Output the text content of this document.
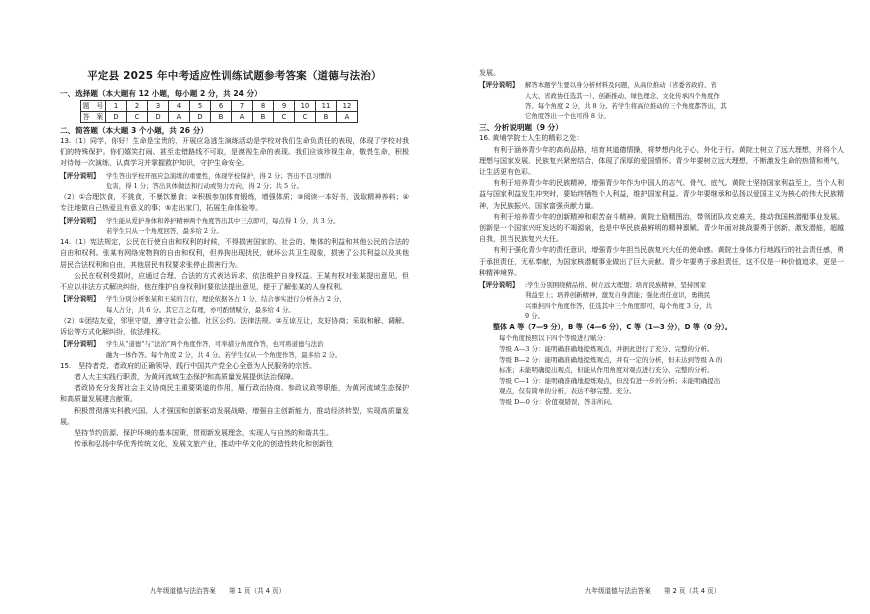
平定县 2025 年中考适应性训练试题参考答案（道德与法治）
一、选择题（本大题有 12 小题，每小题 2 分，共 24 分）
题　号	1	2	3	4	5	6	7	8	9	10	11	12
答　案	D	C	D	A	D	B	A	B	C	C	B	A
二、简答题（本大题 3 个小题，共 26 分）

13.（1）同学，你好！生命是宝贵的，开展应急逃生演练活动是学校对我们生命负责任的表现，体现了学校对我们的特殊保护。你们嬉笑打闹、甚至走错路线不可取，是漠视生命的表现。我们应该珍视生命，敬畏生命，积极对待每一次演练，认真学习并掌握救护知识，守护生命安全。

【评分说明】 学生答出学校开展应急演练的重要性，体现学校保护，得 2 分；答出不良习惯的
危害，得 1 分；答出具体做法和行动或努力方向，得 2 分；共 5 分。

（2）①合理饮食，不挑食，不暴饮暴食；②积极参加体育锻炼，增强体质；③阅读一本好书，汲取精神养料；④专注地做自己热爱且有意义的事；⑤走出家门，拓展生命体验等。

【评分说明】 学生能从爱护身体和养护精神两个角度答出其中三点即可，每点得 1 分，共 3 分。
若学生只从一个角度回答，最多给 2 分。

14.（1）宪法规定，公民在行使自由和权利的时候，不得损害国家的、社会的、集体的利益和其他公民的合法的自由和权利。张某有网络宠物狗的自由和权利，但养狗出现扰民，就坏公共卫生现象，损害了公共利益以及其他居民合法权利和自由，其他居民有权要求张停止损害行为。

公民在权利受损时，应通过合理、合法的方式表达诉求，依法维护自身权益。王某有权对张某提出意见，但不应以非法方式解决纠纷，他在维护自身权利时要依法提出意见，便于了解张某的人身权利。

【评分说明】 学生分别分析张某和王某的言行，理论依据各占 1 分，结合事实进行分析各占 2 分，
每人占分，共 6 分。其它言之有理，亦可酌情赋分，最多给 4 分。

（2）①团结友爱，邻里守望，遵守社会公德、社区公约、法律法规。②互谅互让，友好协商；采取和解、调解、诉讼等方式化解纠纷，依法维权。

【评分说明】 学生从“道德”与“法治”两个角度作答，可举措分角度作答，也可将道德与法治
融为一体作答。每个角度 2 分，共 4 分。若学生仅从一个角度作答，最多给 2 分。

15.　坚持者党、者政府的正确领导，践行中国共产党全心全意为人民服务的宗旨。

者人大主实践行职责，为黄河流域生态保护和高质量发展提供法治保障。

者政协充分发挥社会主义协商民主重要渠道的作用，履行政治协商、参政议政等职能，为黄河流域生态保护和高质量发展建言献策。

积极贯彻落实科教兴国、人才强国和创新驱动发展战略，增强自主创新能力，推动经济转型，实现高质量发展。

坚持节约资源、保护环境的基本国策，贯彻新发展理念，实现人与自然的和谐共生。

传承和弘扬中华优秀传统文化，发展文旅产业，推动中华文化的创造性转化和创新性

九年级道德与法治答案　　第 1 页（共 4 页）

发展。

【评分说明】 解答本题学生要以身分析材料及问题，从高位推动（省委省政府、省
人大、省政协任选其一）、创新推动、绿色理念、文化传承四个角度作
答。每个角度 2 分，共 8 分。若学生将高位推动的三个角度都答出，其
它角度答出一个也可得 8 分。
三、分析说明题（9 分）

16. 黄埔学院士人生的精彩之处：

有利于涵养青少年的高尚品格，培育其道德情操，将梦想内化于心，外化于行。黄院士树立了远大理想，并将个人理想与国家发展、民族复兴紧密结合，体现了深厚的爱国情怀。青少年要树立远大理想，不断激发生命的热情和勇气，让生活更有色彩。

有利于培养青少年的民族精神，增强青少年作为中国人的志气、骨气、底气。黄院士坚持国家利益至上，当个人利益与国家利益发生冲突时，要始终牺牲个人利益，维护国家利益。青少年要继承和弘扬以爱国主义为核心的伟大民族精神，为民族振兴、国家富强贡献力量。

有利于培养青少年的创新精神和艰苦奋斗精神。黄院士励精图治，带领团队攻克难关，推动我国核潜艇事业发展。创新是一个国家兴旺发达的不竭源泉，也是中华民族最鲜明的精神禀赋。青少年面对挑战要勇于创新，激发潜能，超越自我，担当民族复兴大任。

有利于强化青少年的责任意识，增强青少年担当民族复兴大任的使命感。黄院士身体力行地践行的社会责任感，勇于承担责任，无私奉献，为国家核潜艇事业做出了巨大贡献。青少年要勇于承担责任，这不仅是一种价值追求，更是一种精神境界。

【评分说明】 :学生分别围绕精品格、树立远大理想；培育民族精神，坚持国家
利益至上；培养创新精神，激发自身潜能；强化责任意识，勇挑民
兴重担四个角度作答，任选其中三个角度即可，每个角度 3 分，共
9 分。

整体 A 等（7—9 分），B 等（4—6 分），C 等（1—3 分），D 等（0 分）。

每个角度按照以下四个等级进行赋分：

等级 A—3 分：能明确准确地提炼观点，并据此进行了充分、完整的分析。

等级 B—2 分：能明确准确地提炼观点，并有一定的分析，但未达到等级 A 的

标准；未能明确提出观点，但能从作用角度对观点进行充分、完整的分析。

等级 C—1 分：能明确准确地提炼观点，但没有进一步的分析；未能明确提出

观点，仅有简单的分析，表达不够完整、充分。

等级 D—0 分：价值观错误，答非所问。

九年级道德与法治答案　　第 2 页（共 4 页）
